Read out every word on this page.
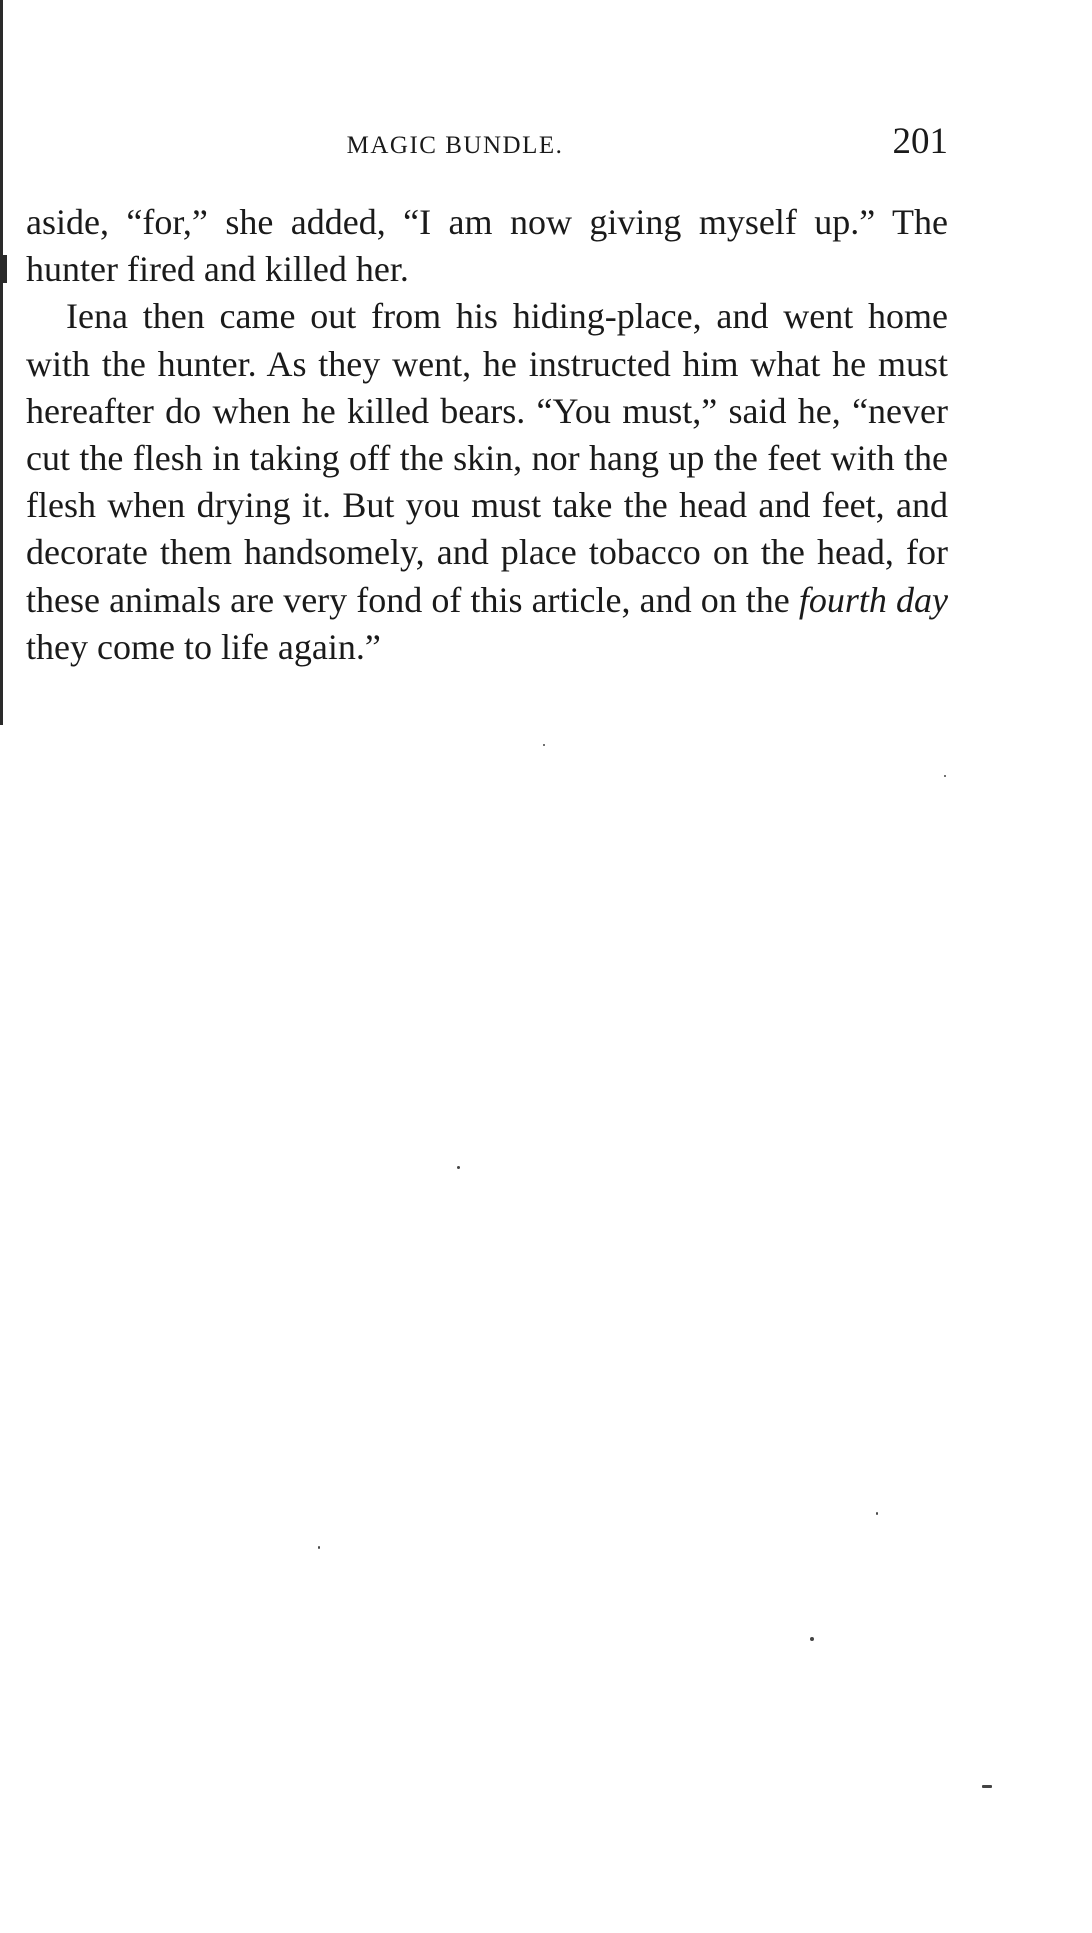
MAGIC BUNDLE.	201

aside, “for,” she added, “I am now giving myself up.” The hunter fired and killed her.

Iena then came out from his hiding-place, and went home with the hunter. As they went, he instructed him what he must hereafter do when he killed bears. “You must,” said he, “never cut the flesh in taking off the skin, nor hang up the feet with the flesh when drying it. But you must take the head and feet, and decorate them handsomely, and place tobacco on the head, for these animals are very fond of this article, and on the fourth day they come to life again.”
